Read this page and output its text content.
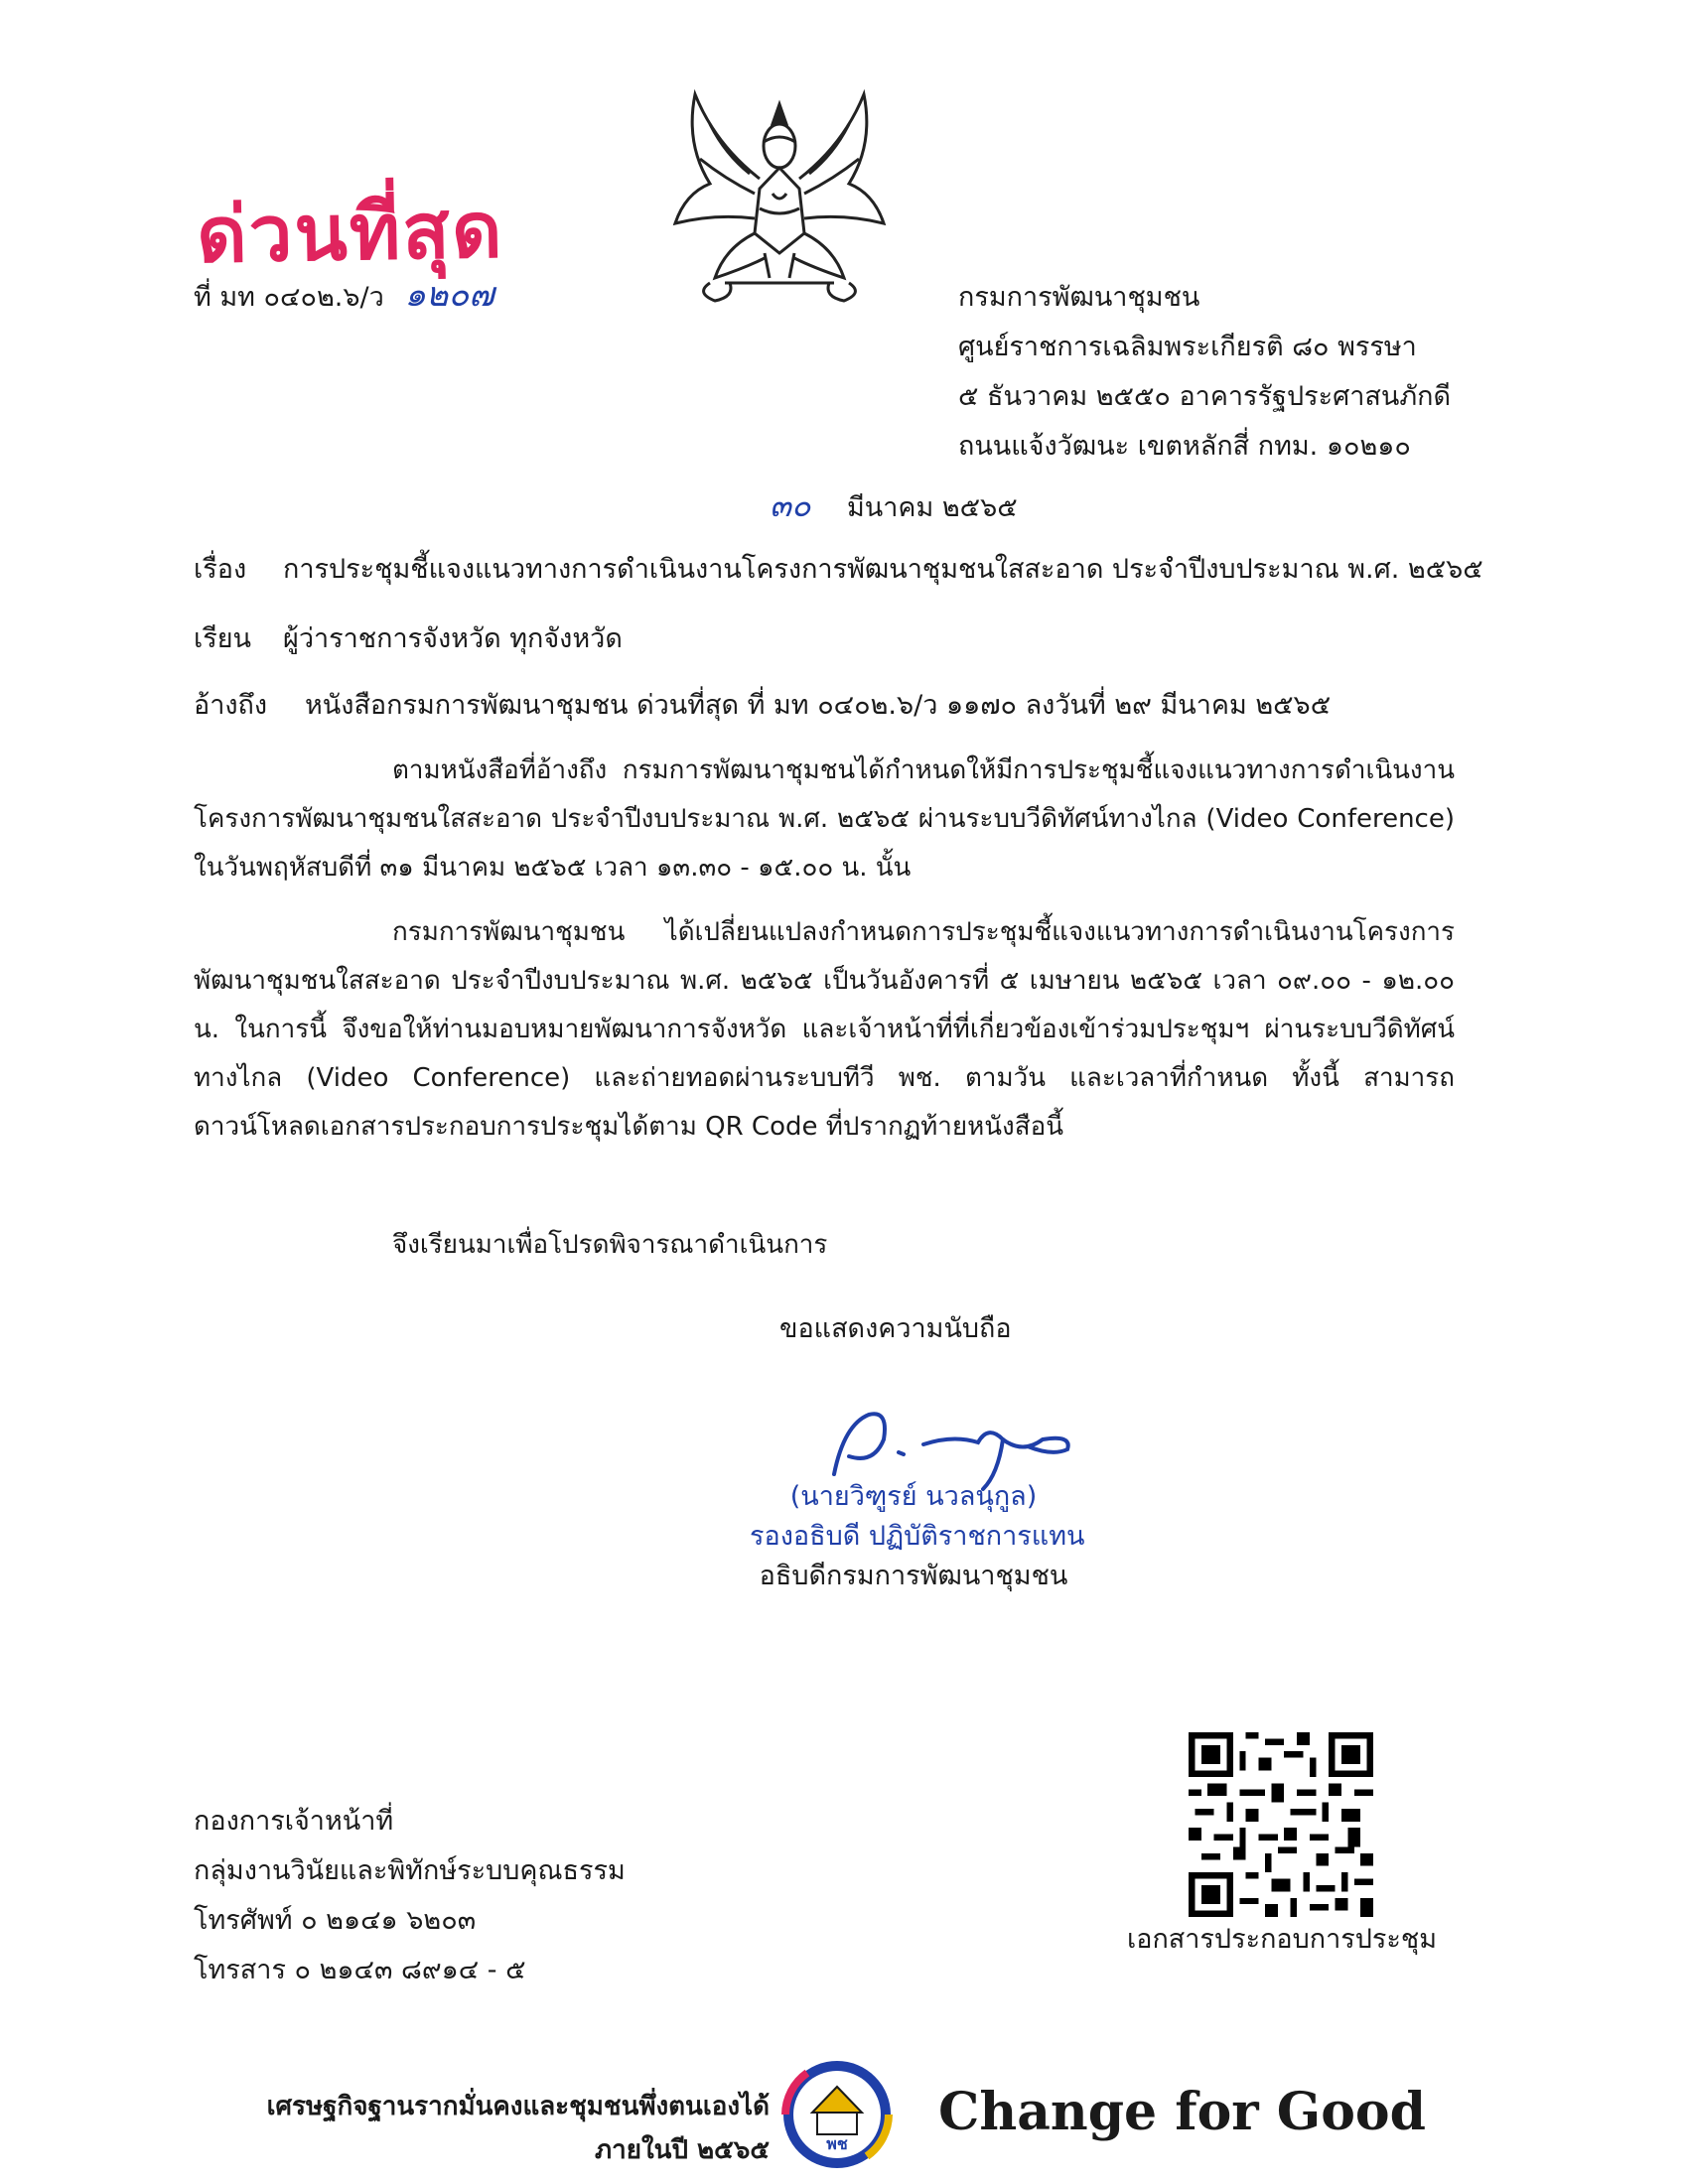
ด่วนที่สุด
ที่ มท ๐๔๐๒.๖/ว ๑๒๐๗	กรมการพัฒนาชุมชน
ศูนย์ราชการเฉลิมพระเกียรติ ๘๐ พรรษา
๕ ธันวาคม ๒๕๕๐ อาคารรัฐประศาสนภักดี
ถนนแจ้งวัฒนะ เขตหลักสี่ กทม. ๑๐๒๑๐
๓๐ มีนาคม ๒๕๖๕
เรื่อง การประชุมชี้แจงแนวทางการดำเนินงานโครงการพัฒนาชุมชนใสสะอาด ประจำปีงบประมาณ พ.ศ. ๒๕๖๕
เรียน ผู้ว่าราชการจังหวัด ทุกจังหวัด
อ้างถึง หนังสือกรมการพัฒนาชุมชน ด่วนที่สุด ที่ มท ๐๔๐๒.๖/ว ๑๑๗๐ ลงวันที่ ๒๙ มีนาคม ๒๕๖๕

ตามหนังสือที่อ้างถึง กรมการพัฒนาชุมชนได้กำหนดให้มีการประชุมชี้แจงแนวทางการดำเนินงานโครงการพัฒนาชุมชนใสสะอาด ประจำปีงบประมาณ พ.ศ. ๒๕๖๕ ผ่านระบบวีดิทัศน์ทางไกล (Video Conference) ในวันพฤหัสบดีที่ ๓๑ มีนาคม ๒๕๖๕ เวลา ๑๓.๓๐ - ๑๕.๐๐ น. นั้น

กรมการพัฒนาชุมชน ได้เปลี่ยนแปลงกำหนดการประชุมชี้แจงแนวทางการดำเนินงานโครงการพัฒนาชุมชนใสสะอาด ประจำปีงบประมาณ พ.ศ. ๒๕๖๕ เป็นวันอังคารที่ ๕ เมษายน ๒๕๖๕ เวลา ๐๙.๐๐ - ๑๒.๐๐ น. ในการนี้ จึงขอให้ท่านมอบหมายพัฒนาการจังหวัด และเจ้าหน้าที่ที่เกี่ยวข้องเข้าร่วมประชุมฯ ผ่านระบบวีดิทัศน์ทางไกล (Video Conference) และถ่ายทอดผ่านระบบทีวี พช. ตามวัน และเวลาที่กำหนด ทั้งนี้ สามารถดาวน์โหลดเอกสารประกอบการประชุมได้ตาม QR Code ที่ปรากฏท้ายหนังสือนี้

จึงเรียนมาเพื่อโปรดพิจารณาดำเนินการ

ขอแสดงความนับถือ
(นายวิฑูรย์ นวลนุกูล)
รองอธิบดี ปฏิบัติราชการแทน
อธิบดีกรมการพัฒนาชุมชน
กองการเจ้าหน้าที่
กลุ่มงานวินัยและพิทักษ์ระบบคุณธรรม
โทรศัพท์ ๐ ๒๑๔๑ ๖๒๐๓
โทรสาร ๐ ๒๑๔๓ ๘๙๑๔ - ๕
เอกสารประกอบการประชุม
เศรษฐกิจฐานรากมั่นคงและชุมชนพึ่งตนเองได้
ภายในปี ๒๕๖๕	พช
Change for Good
